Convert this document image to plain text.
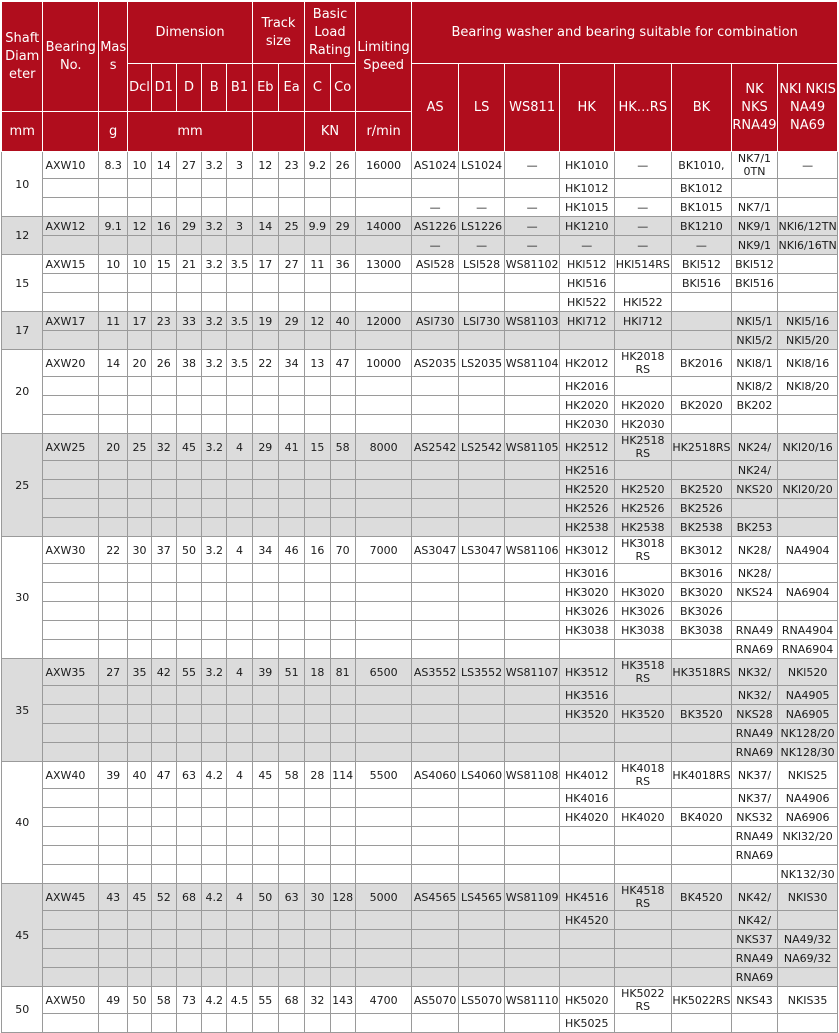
Shaft Diameter	Bearing No.	Mass	Dimension					Track size		Basic Load Rating		Limiting Speed	Bearing washer and bearing suitable for combination							
			Dcl	D1	D	B	B1	Eb	Ea	C	Co		AS	LS	WS811	HK	HK…RS	BK	NK NKS RNA49	NKI NKIS NA49 NA69
mm		g	mm							KN		r/min								
10	AXW10	8.3	10	14	27	3.2	3	12	23	9.2	26	16000	AS1024	LS1024	—	HK1010	—	BK1010,	NK7/1 0TN	—
																HK1012		BK1012		
													—	—	—	HK1015	—	BK1015	NK7/1	
12	AXW12	9.1	12	16	29	3.2	3	14	25	9.9	29	14000	AS1226	LS1226	—	HK1210	—	BK1210	NK9/1	NKl6/12TN
													—	—	—	—	—	—	NK9/1	NKl6/16TN
15	AXW15	10	10	15	21	3.2	3.5	17	27	11	36	13000	ASl528	LSl528	WS81102	HKl512	HKl514RS	BKl512	BKl512	
																HKl516		BKl516	BKl516	
																HKl522	HKl522			
17	AXW17	11	17	23	33	3.2	3.5	19	29	12	40	12000	ASl730	LSl730	WS81103	HKl712	HKl712		NKl5/1	NKl5/16
																			NKl5/2	NKl5/20
20	AXW20	14	20	26	38	3.2	3.5	22	34	13	47	10000	AS2035	LS2035	WS81104	HK2012	HK2018 RS	BK2016	NKl8/1	NKl8/16
																HK2016			NKl8/2	NKl8/20
																HK2020	HK2020	BK2020	BK202	
																HK2030	HK2030			
25	AXW25	20	25	32	45	3.2	4	29	41	15	58	8000	AS2542	LS2542	WS81105	HK2512	HK2518 RS	HK2518RS	NK24/	NKl20/16
																HK2516			NK24/	
																HK2520	HK2520	BK2520	NKS20	NKl20/20
																HK2526	HK2526	BK2526		
																HK2538	HK2538	BK2538	BK253	
30	AXW30	22	30	37	50	3.2	4	34	46	16	70	7000	AS3047	LS3047	WS81106	HK3012	HK3018 RS	BK3012	NK28/	NA4904
																HK3016		BK3016	NK28/	
																HK3020	HK3020	BK3020	NKS24	NA6904
																HK3026	HK3026	BK3026		
																HK3038	HK3038	BK3038	RNA49	RNA4904
																			RNA69	RNA6904
35	AXW35	27	35	42	55	3.2	4	39	51	18	81	6500	AS3552	LS3552	WS81107	HK3512	HK3518 RS	HK3518RS	NK32/	NKl520
																HK3516			NK32/	NA4905
																HK3520	HK3520	BK3520	NKS28	NA6905
																			RNA49	NK128/20
																			RNA69	NK128/30
40	AXW40	39	40	47	63	4.2	4	45	58	28	114	5500	AS4060	LS4060	WS81108	HK4012	HK4018 RS	HK4018RS	NK37/	NKIS25
																HK4016			NK37/	NA4906
																HK4020	HK4020	BK4020	NKS32	NA6906
																			RNA49	NKl32/20
																			RNA69	
																				NK132/30
45	AXW45	43	45	52	68	4.2	4	50	63	30	128	5000	AS4565	LS4565	WS81109	HK4516	HK4518 RS	BK4520	NK42/	NKIS30
																HK4520			NK42/	
																			NKS37	NA49/32
																			RNA49	NA69/32
																			RNA69	
50	AXW50	49	50	58	73	4.2	4.5	55	68	32	143	4700	AS5070	LS5070	WS81110	HK5020	HK5022 RS	HK5022RS	NKS43	NKIS35
																HK5025				
